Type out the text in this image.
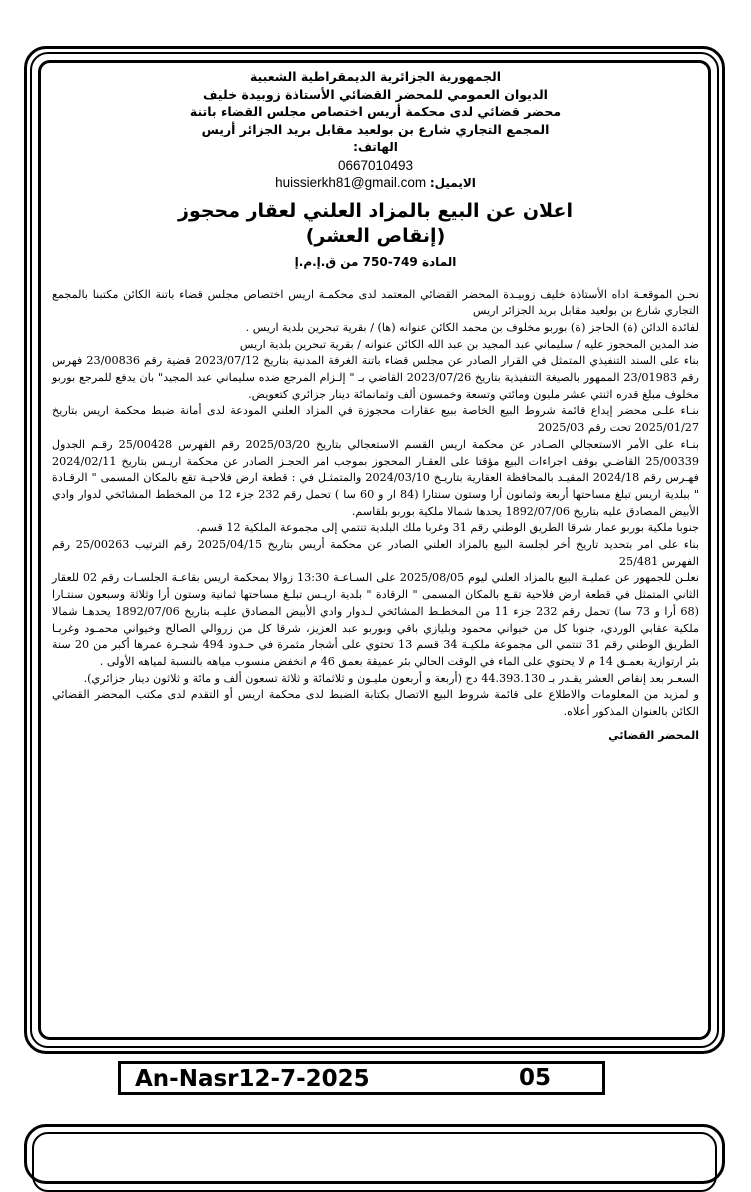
الجمهورية الجزائرية الديمقراطية الشعبية
الديوان العمومي للمحضر القضائي الأستاذة زوبيدة خليف
محضر قضائي لدى محكمة أريس اختصاص مجلس القضاء باتنة
المجمع التجاري شارع بن بولعيد مقابل بريد الجزائر أريس
الهاتف:
0667010493
الايميل: huissierkh81@gmail.com
اعلان عن البيع بالمزاد العلني لعقار محجوز
(إنقاص العشر)
المادة 749-750 من ق.إ.م.إ

نحـن الموقعـة اداه الأستاذة خليف زوبيـدة المحضر القضائي المعتمد لدى محكمـة اريس اختصاص مجلس قضاء باتنة الكائن مكتبنا بالمجمع التجاري شارع بن بولعيد مقابل بريد الجزائر اريس

لفائدة الدائن (ة) الحاجز (ة) بوربو مخلوف بن محمد الكائن عنوانه (ها) / بقرية تبحرين بلدية اريس .

ضد المدين المحجوز عليه / سليماني عبد المجيد بن عبد الله الكائن عنوانه / بقرية تبحرين بلدية اريس

بناء على السند التنفيذي المتمثل في القرار الصادر عن مجلس قضاء باتنة الغرفة المدنية بتاريخ 2023/07/12 قضية رقم 23/00836 فهرس رقم 23/01983 الممهور بالصيغة التنفيذية بتاريخ 2023/07/26 القاضي بـ " إلـزام المرجع ضده سليماني عبد المجيد" بان يدفع للمرجع بوربو مخلوف مبلغ قدره اثنتي عشر مليون ومائتي وتسعة وخمسون ألف وثمانمائة دينار جزائري كتعويض.

بنـاء علـى محضر إيداع قائمة شروط البيع الخاصة ببيع عقارات محجوزة في المزاد العلني المودعة لدى أمانة ضبط محكمة اريس بتاريخ 2025/01/27 تحت رقم 2025/03

بنـاء على الأمر الاستعجالي الصـادر عن محكمة اريس القسم الاستعجالي بتاريخ 2025/03/20 رقم الفهرس 25/00428 رقـم الجدول 25/00339 القاضـي بوقف اجراءات البيع مؤقتا على العقـار المحجوز بموجب امر الحجـز الصادر عن محكمة اريـس بتاريخ 2024/02/11 فهـرس رقم 2024/18 المقيـد بالمحافظة العقارية بتاريـخ 2024/03/10 والمتمثـل في : قطعة ارض فلاحيـة تقع بالمكان المسمى " الرقـادة " ببلدية اريس تبلغ مساحتها أربعة وثمانون أرا وستون سنتارا (84 ار و 60 سا ) تحمل رقم 232 جزء 12 من المخطط المشائخي لدوار وادي الأبيض المصادق عليه بتاريخ 1892/07/06 يحدها شمالا ملكية بوربو بلقاسم.

جنوبا ملكية بوربو عمار شرقا الطريق الوطني رقم 31 وغربا ملك البلدية تنتمي إلى مجموعة الملكية 12 قسم.

بناء على امر بتحديد تاريخ أخر لجلسة البيع بالمزاد العلني الصادر عن محكمة أريس بتاريخ 2025/04/15 رقم الترتيب 25/00263 رقم الفهرس 25/481

نعلـن للجمهور عن عمليـة البيع بالمزاد العلني ليوم 2025/08/05 على السـاعـة 13:30 زوالا بمحكمة اريس بقاعـة الجلسـات رقم 02 للعقار الثاني المتمثل في قطعة ارض فلاحية تقـع بالمكان المسمى " الرقادة " بلدية اريـس تبلـغ مساحتها ثمانية وستون أرا وثلاثة وسبعون سنتـارا (68 أرا و 73 سا) تحمل رقم 232 جزء 11 من المخطـط المشائخي لـدوار وادي الأبيض المصادق عليـه بتاريخ 1892/07/06 يحدهـا شمالا ملكية عقابي الوردي، جنوبا كل من خيواني محمود وبليازي باقي وبوربو عبد العزيز، شرقا كل من زروالي الصالح وخيواني محمـود وغربـا الطريق الوطني رقم 31 تنتمي الى مجموعة ملكيـة 34 قسم 13 تحتوي على أشجار مثمرة في حـدود 494 شجـرة عمرها أكبر من 20 سنة بئر ارتوازية بعمـق 14 م لا يحتوي على الماء في الوقت الحالي بئر عميقة بعمق 46 م انخفض منسوب مياهه بالنسبة لمياهه الأولى .

السعـر بعد إنقاص العشر يقـدر بـ 44.393.130 دج (أربعة و أربعون مليـون و ثلاثمائة و ثلاثة تسعون ألف و مائة و ثلاثون دينار جزائري).

و لمزيد من المعلومات والاطلاع على قائمة شروط البيع الاتصال بكتابة الضبط لدى محكمة اريس أو التقدم لدى مكتب المحضر القضائي الكائن بالعنوان المذكور أعلاه.

المحضر القضائي
An-Nasr12-7-2025	05
